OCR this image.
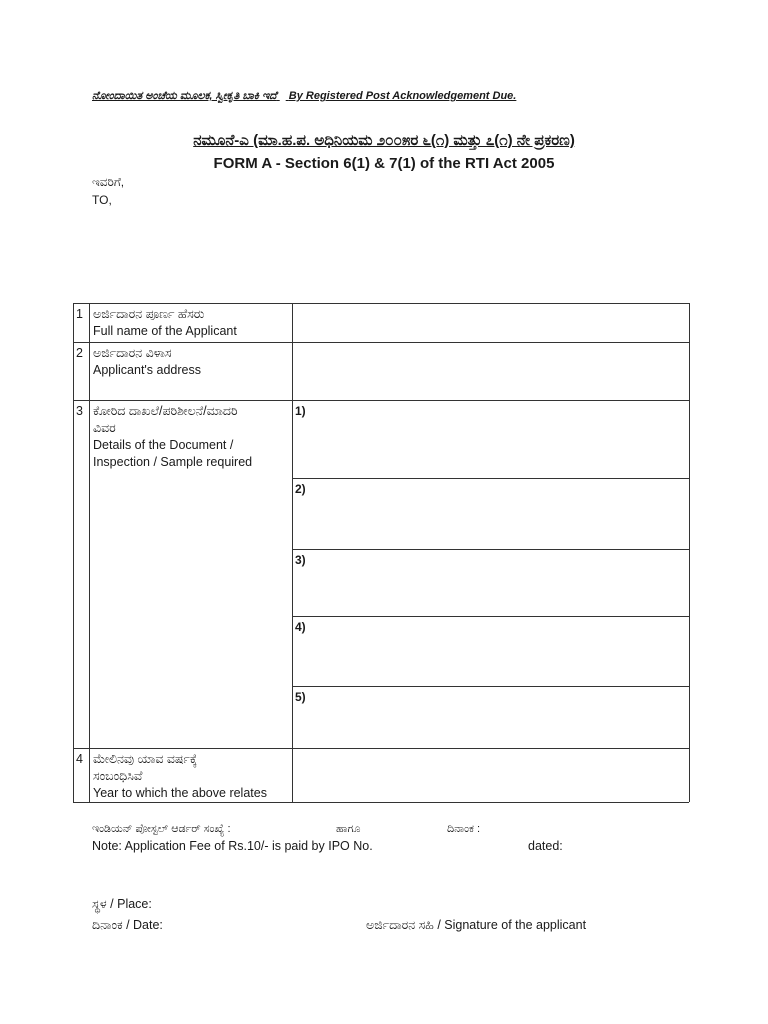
ನೋಂದಾಯಿತ ಅಂಚೆಯ ಮೂಲಕ, ಸ್ವೀಕೃತಿ ಬಾಕಿ ಇದೆ By Registered Post Acknowledgement Due.
ನಮೂನೆ-ಎ (ಮಾ.ಹ.ಪ. ಅಧಿನಿಯಮ ೨೦೦೫ರ ೬(೧) ಮತ್ತು ೭(೧) ನೇ ಪ್ರಕರಣ)
FORM A - Section 6(1) & 7(1) of the RTI Act 2005
ಇವರಿಗೆ,
TO,
1 ಅರ್ಜಿದಾರನ ಪೂರ್ಣ ಹೆಸರು
Full name of the Applicant
2 ಅರ್ಜಿದಾರನ ವಿಳಾಸ
Applicant's address
3 ಕೋರಿದ ದಾಖಲೆ/ಪರಿಶೀಲನೆ/ಮಾದರಿ
ವಿವರ
Details of the Document /
Inspection / Sample required
1)
2)
3)
4)
5)
4 ಮೇಲಿನವು ಯಾವ ವರ್ಷಕ್ಕೆ
ಸಂಬಂಧಿಸಿವೆ
Year to which the above relates
ಇಂಡಿಯನ್ ಪೋಸ್ಟಲ್ ಆರ್ಡರ್ ಸಂಖ್ಯೆ :	ಹಾಗೂ	ದಿನಾಂಕ :
Note: Application Fee of Rs.10/- is paid by IPO No.	dated:
ಸ್ಥಳ / Place:
ದಿನಾಂಕ / Date:	ಅರ್ಜಿದಾರನ ಸಹಿ / Signature of the applicant
